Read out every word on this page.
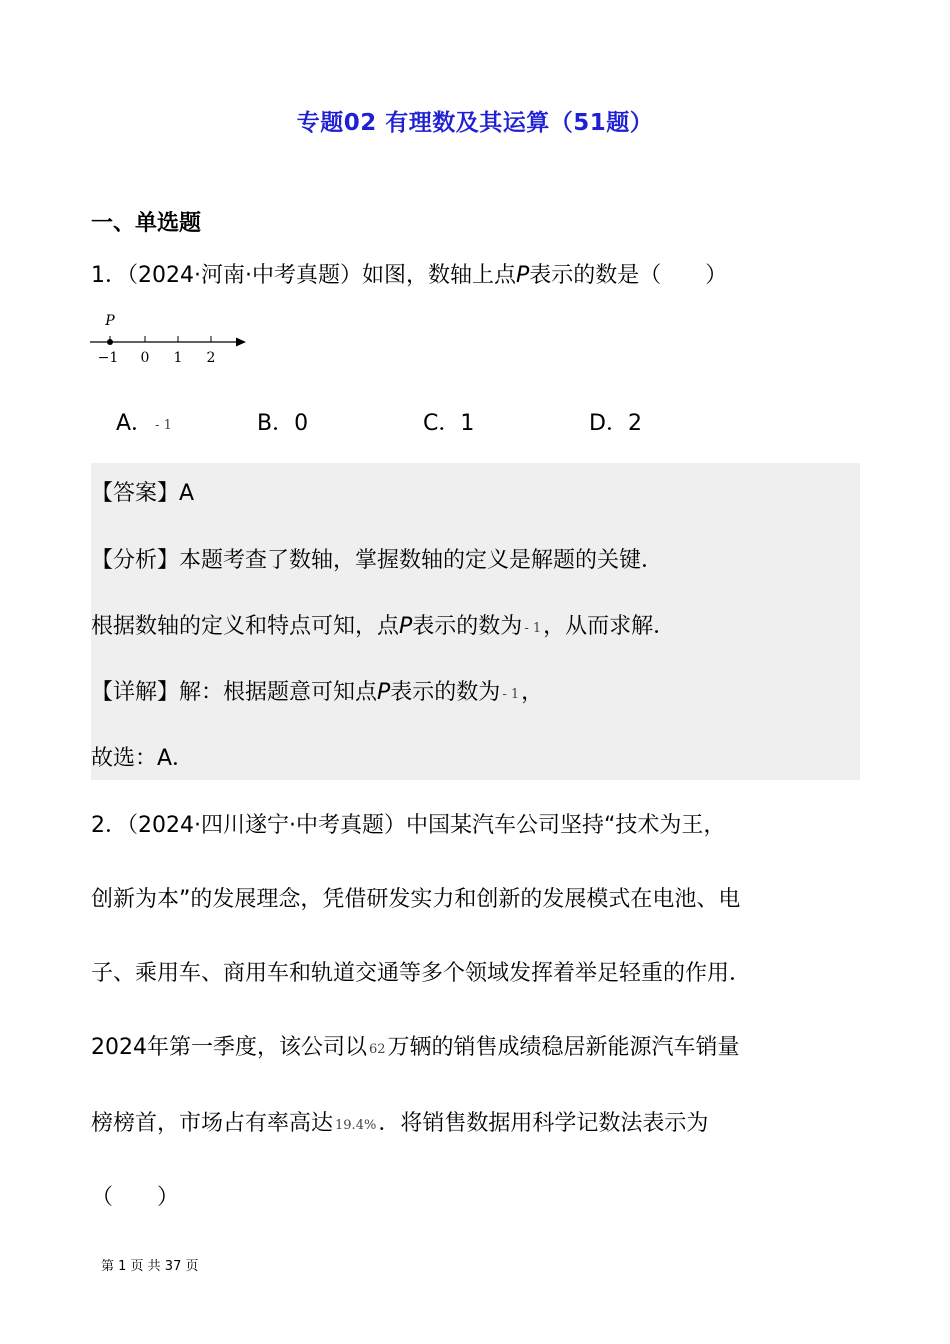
专题02 有理数及其运算（51题）
一、单选题
1．（2024·河南·中考真题）如图，数轴上点P表示的数是（　　）
P
−1 0 1 2
A． - 1	B．0	C．1	D．2
【答案】A
【分析】本题考查了数轴，掌握数轴的定义是解题的关键．
根据数轴的定义和特点可知，点P表示的数为 - 1，从而求解．
【详解】解：根据题意可知点P表示的数为 - 1，
故选：A．
2．（2024·四川遂宁·中考真题）中国某汽车公司坚持“技术为王，
创新为本”的发展理念，凭借研发实力和创新的发展模式在电池、电
子、乘用车、商用车和轨道交通等多个领域发挥着举足轻重的作用．
2024年第一季度，该公司以 62万辆的销售成绩稳居新能源汽车销量
榜榜首，市场占有率高达 19.4%．将销售数据用科学记数法表示为
（　　）
第 1 页 共 37 页
